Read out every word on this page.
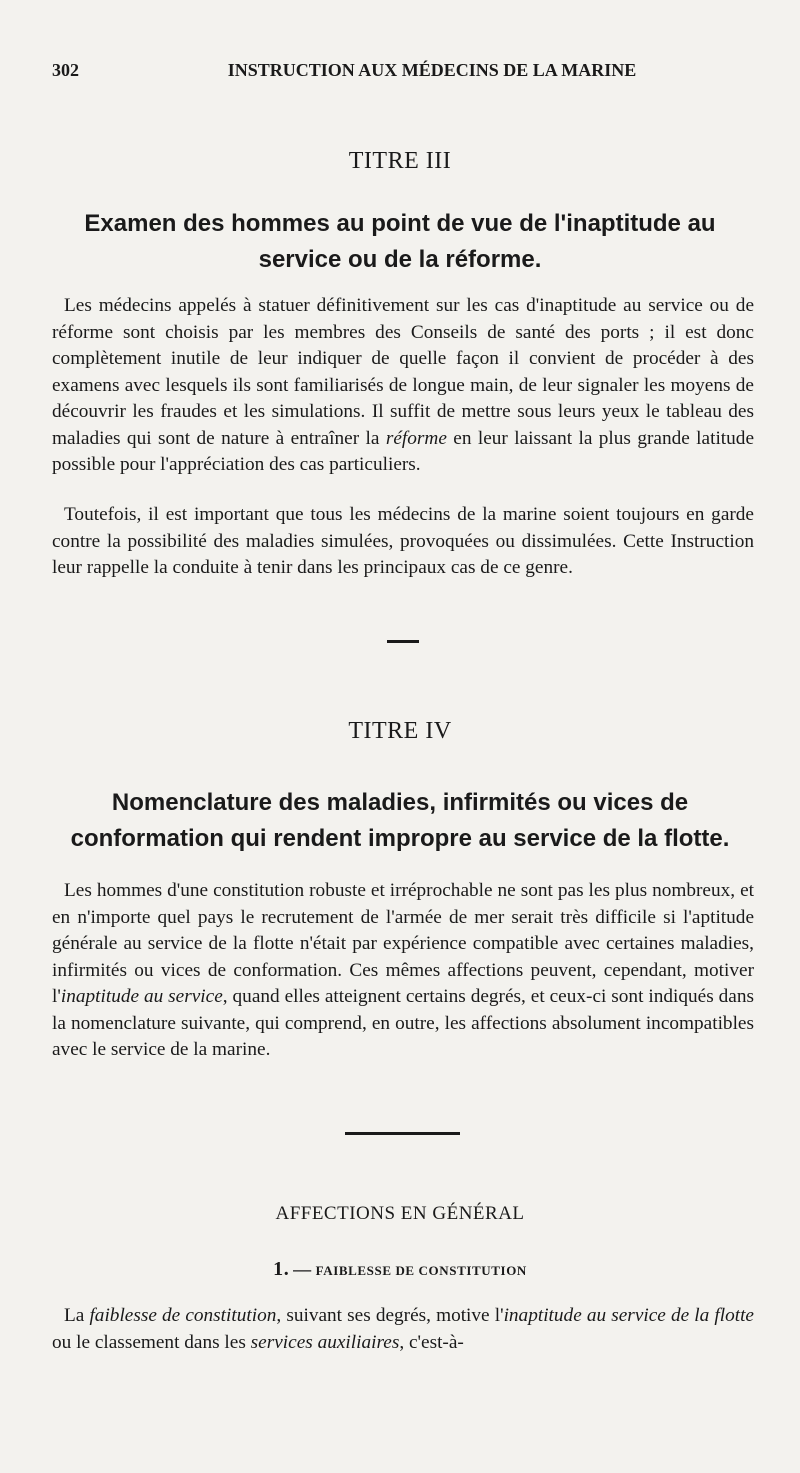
302	INSTRUCTION AUX MÉDECINS DE LA MARINE
TITRE III
Examen des hommes au point de vue de l'inaptitude au service ou de la réforme.

Les médecins appelés à statuer définitivement sur les cas d'inaptitude au service ou de réforme sont choisis par les membres des Conseils de santé des ports ; il est donc complètement inutile de leur indiquer de quelle façon il convient de procéder à des examens avec lesquels ils sont familiarisés de longue main, de leur signaler les moyens de découvrir les fraudes et les simulations. Il suffit de mettre sous leurs yeux le tableau des maladies qui sont de nature à entraîner la réforme en leur laissant la plus grande latitude possible pour l'appréciation des cas particuliers.

Toutefois, il est important que tous les médecins de la marine soient toujours en garde contre la possibilité des maladies simulées, provoquées ou dissimulées. Cette Instruction leur rappelle la conduite à tenir dans les principaux cas de ce genre.

TITRE IV
Nomenclature des maladies, infirmités ou vices de conformation qui rendent impropre au service de la flotte.

Les hommes d'une constitution robuste et irréprochable ne sont pas les plus nombreux, et en n'importe quel pays le recrutement de l'armée de mer serait très difficile si l'aptitude générale au service de la flotte n'était par expérience compatible avec certaines maladies, infirmités ou vices de conformation. Ces mêmes affections peuvent, cependant, motiver l'inaptitude au service, quand elles atteignent certains degrés, et ceux-ci sont indiqués dans la nomenclature suivante, qui comprend, en outre, les affections absolument incompatibles avec le service de la marine.

AFFECTIONS EN GÉNÉRAL
1. — FAIBLESSE DE CONSTITUTION

La faiblesse de constitution, suivant ses degrés, motive l'inaptitude au service de la flotte ou le classement dans les services auxiliaires, c'est-à-
